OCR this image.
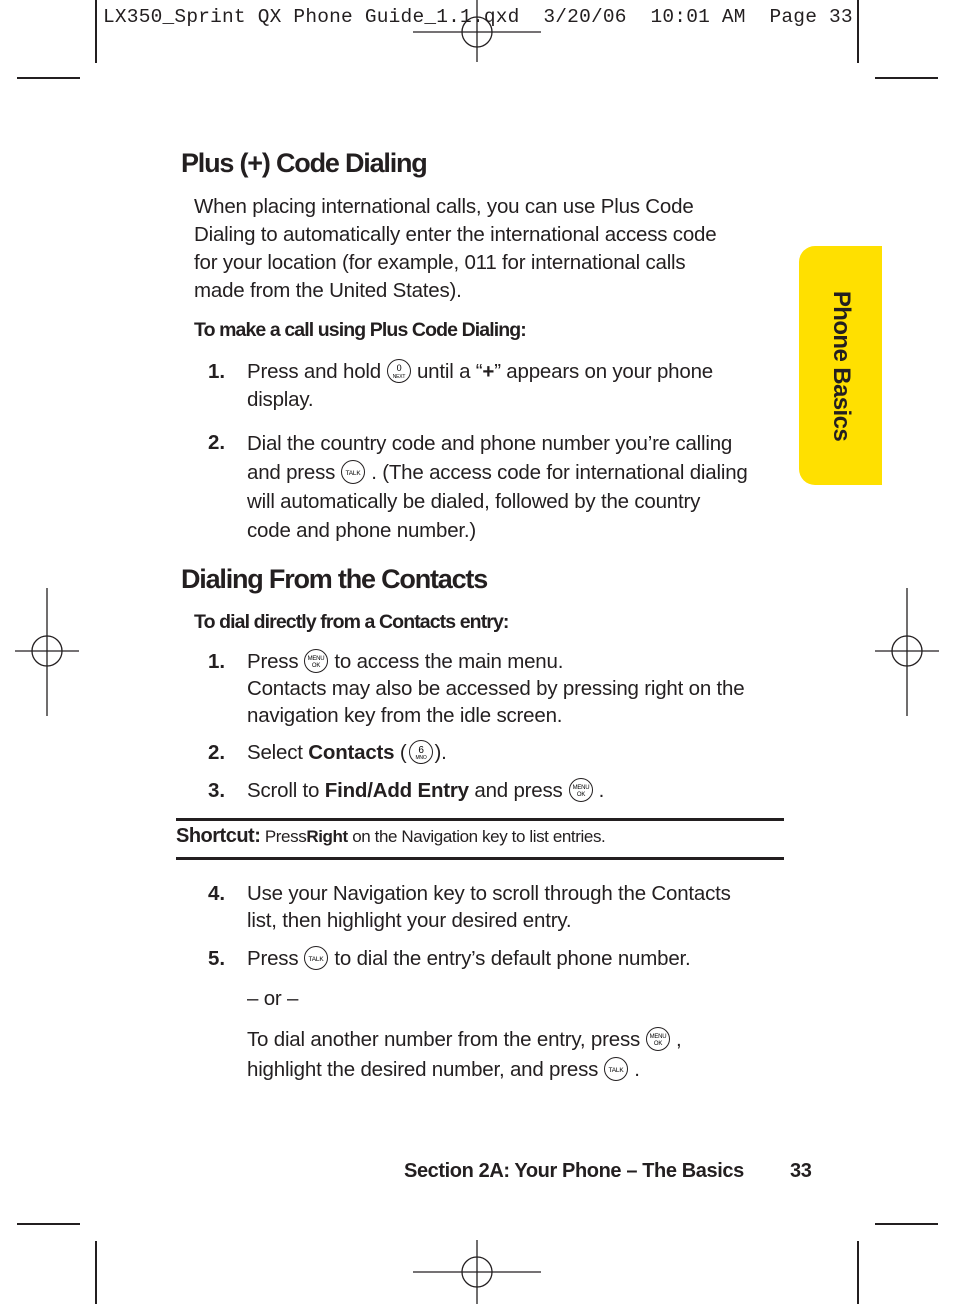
LX350_Sprint QX Phone Guide_1.1.qxd  3/20/06  10:01 AM  Page 33
Phone Basics
Plus (+) Code Dialing
When placing international calls, you can use Plus Code
Dialing to automatically enter the international access code
for your location (for example, 011 for international calls
made from the United States).
To make a call using Plus Code Dialing:
1. Press and hold 0
NEXT until a “+” appears on your phone
display.
2. Dial the country code and phone number you’re calling
and press TALK . (The access code for international dialing
will automatically be dialed, followed by the country
code and phone number.)
Dialing From the Contacts
To dial directly from a Contacts entry:
1. Press MENU
OK to access the main menu.
Contacts may also be accessed by pressing right on the
navigation key from the idle screen.
2. Select Contacts ( 6
MNO ).
3. Scroll to Find/Add Entry and press MENU
OK .
Shortcut: PressRight on the Navigation key to list entries.
4. Use your Navigation key to scroll through the Contacts
list, then highlight your desired entry.
5. Press TALK to dial the entry’s default phone number.
– or –
To dial another number from the entry, press MENU
OK ,
highlight the desired number, and press TALK .
Section 2A: Your Phone – The Basics 33
